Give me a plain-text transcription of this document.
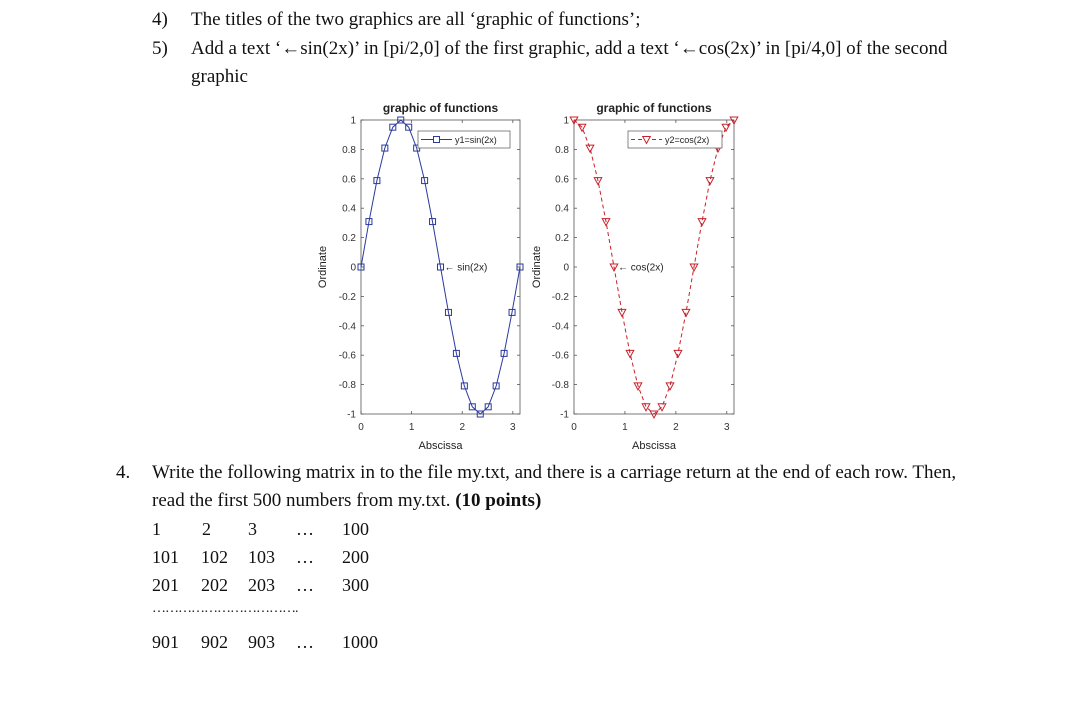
4) The titles of the two graphics are all ‘graphic of functions’;
5) Add a text ‘←sin(2x)’ in [pi/2,0] of the first graphic, add a text ‘←cos(2x)’ in [pi/4,0] of the second
graphic
-1
-0.8
-0.6
-0.4
-0.2
0
0.2
0.4
0.6
0.8
1
0	1	2	3
graphic of functions
Abscissa
Ordinate
y1=sin(2x)
← sin(2x)
-1
-0.8
-0.6
-0.4
-0.2
0
0.2
0.4
0.6
0.8
1
0	1	2	3
graphic of functions
Abscissa
Ordinate
y2=cos(2x)
← cos(2x)
4. Write the following matrix in to the file my.txt, and there is a carriage return at the end of each row. Then,
read the first 500 numbers from my.txt. (10 points)
1 2 3 … 100
101 102 103 … 200
201 202 203 … 300
…………………………….
901 902 903 … 1000
